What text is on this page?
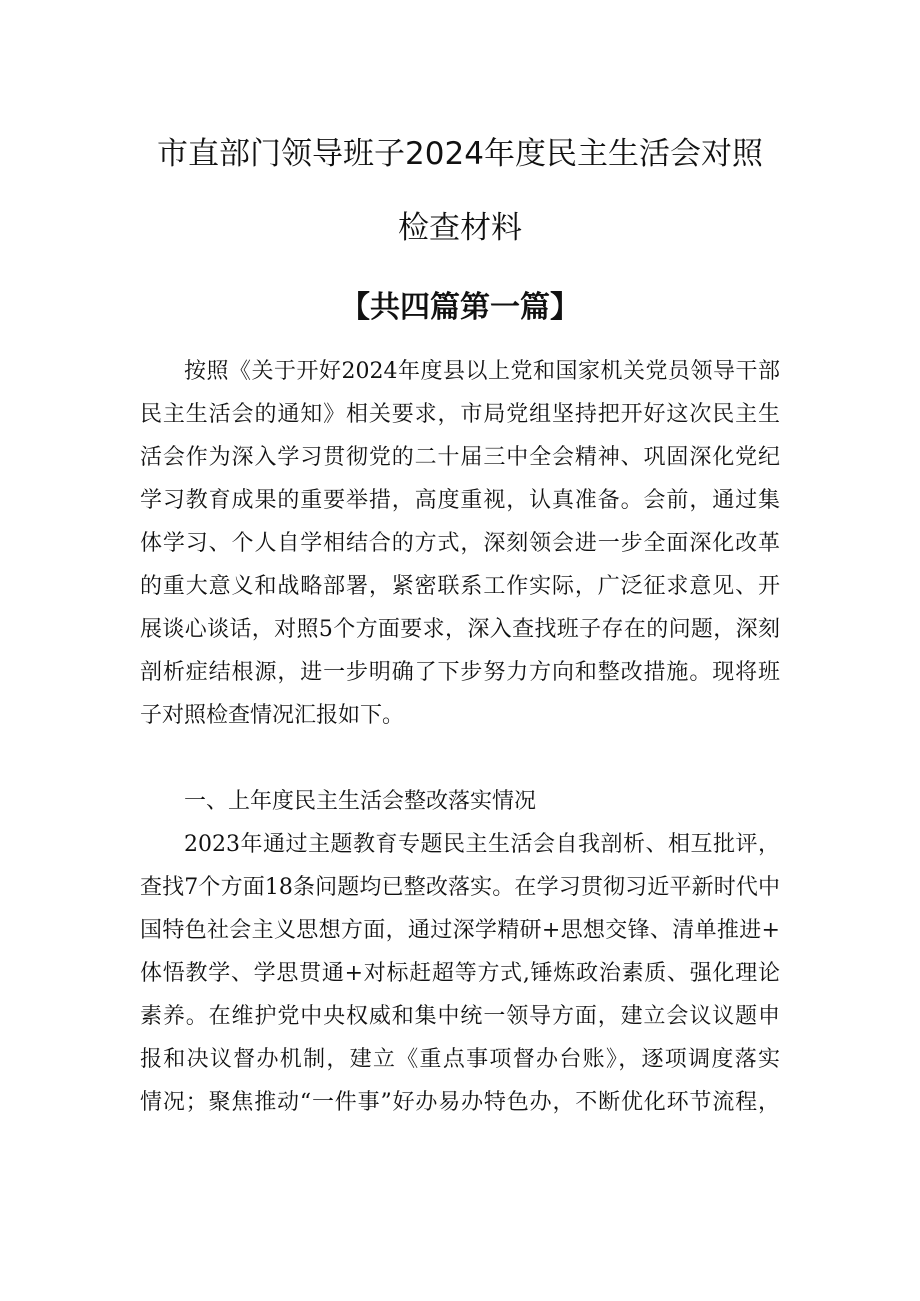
市直部门领导班子2024年度民主生活会对照
检查材料
【共四篇第一篇】
按照《关于开好2024年度县以上党和国家机关党员领导干部
民主生活会的通知》相关要求，市局党组坚持把开好这次民主生
活会作为深入学习贯彻党的二十届三中全会精神、巩固深化党纪
学习教育成果的重要举措，高度重视，认真准备。会前，通过集
体学习、个人自学相结合的方式，深刻领会进一步全面深化改革
的重大意义和战略部署，紧密联系工作实际，广泛征求意见、开
展谈心谈话，对照5个方面要求，深入查找班子存在的问题，深刻
剖析症结根源，进一步明确了下步努力方向和整改措施。现将班
子对照检查情况汇报如下。
一、上年度民主生活会整改落实情况
2023年通过主题教育专题民主生活会自我剖析、相互批评，
查找7个方面18条问题均已整改落实。在学习贯彻习近平新时代中
国特色社会主义思想方面，通过深学精研+思想交锋、清单推进+
体悟教学、学思贯通+对标赶超等方式,锤炼政治素质、强化理论
素养。在维护党中央权威和集中统一领导方面，建立会议议题申
报和决议督办机制，建立《重点事项督办台账》，逐项调度落实
情况；聚焦推动“一件事”好办易办特色办，不断优化环节流程，
